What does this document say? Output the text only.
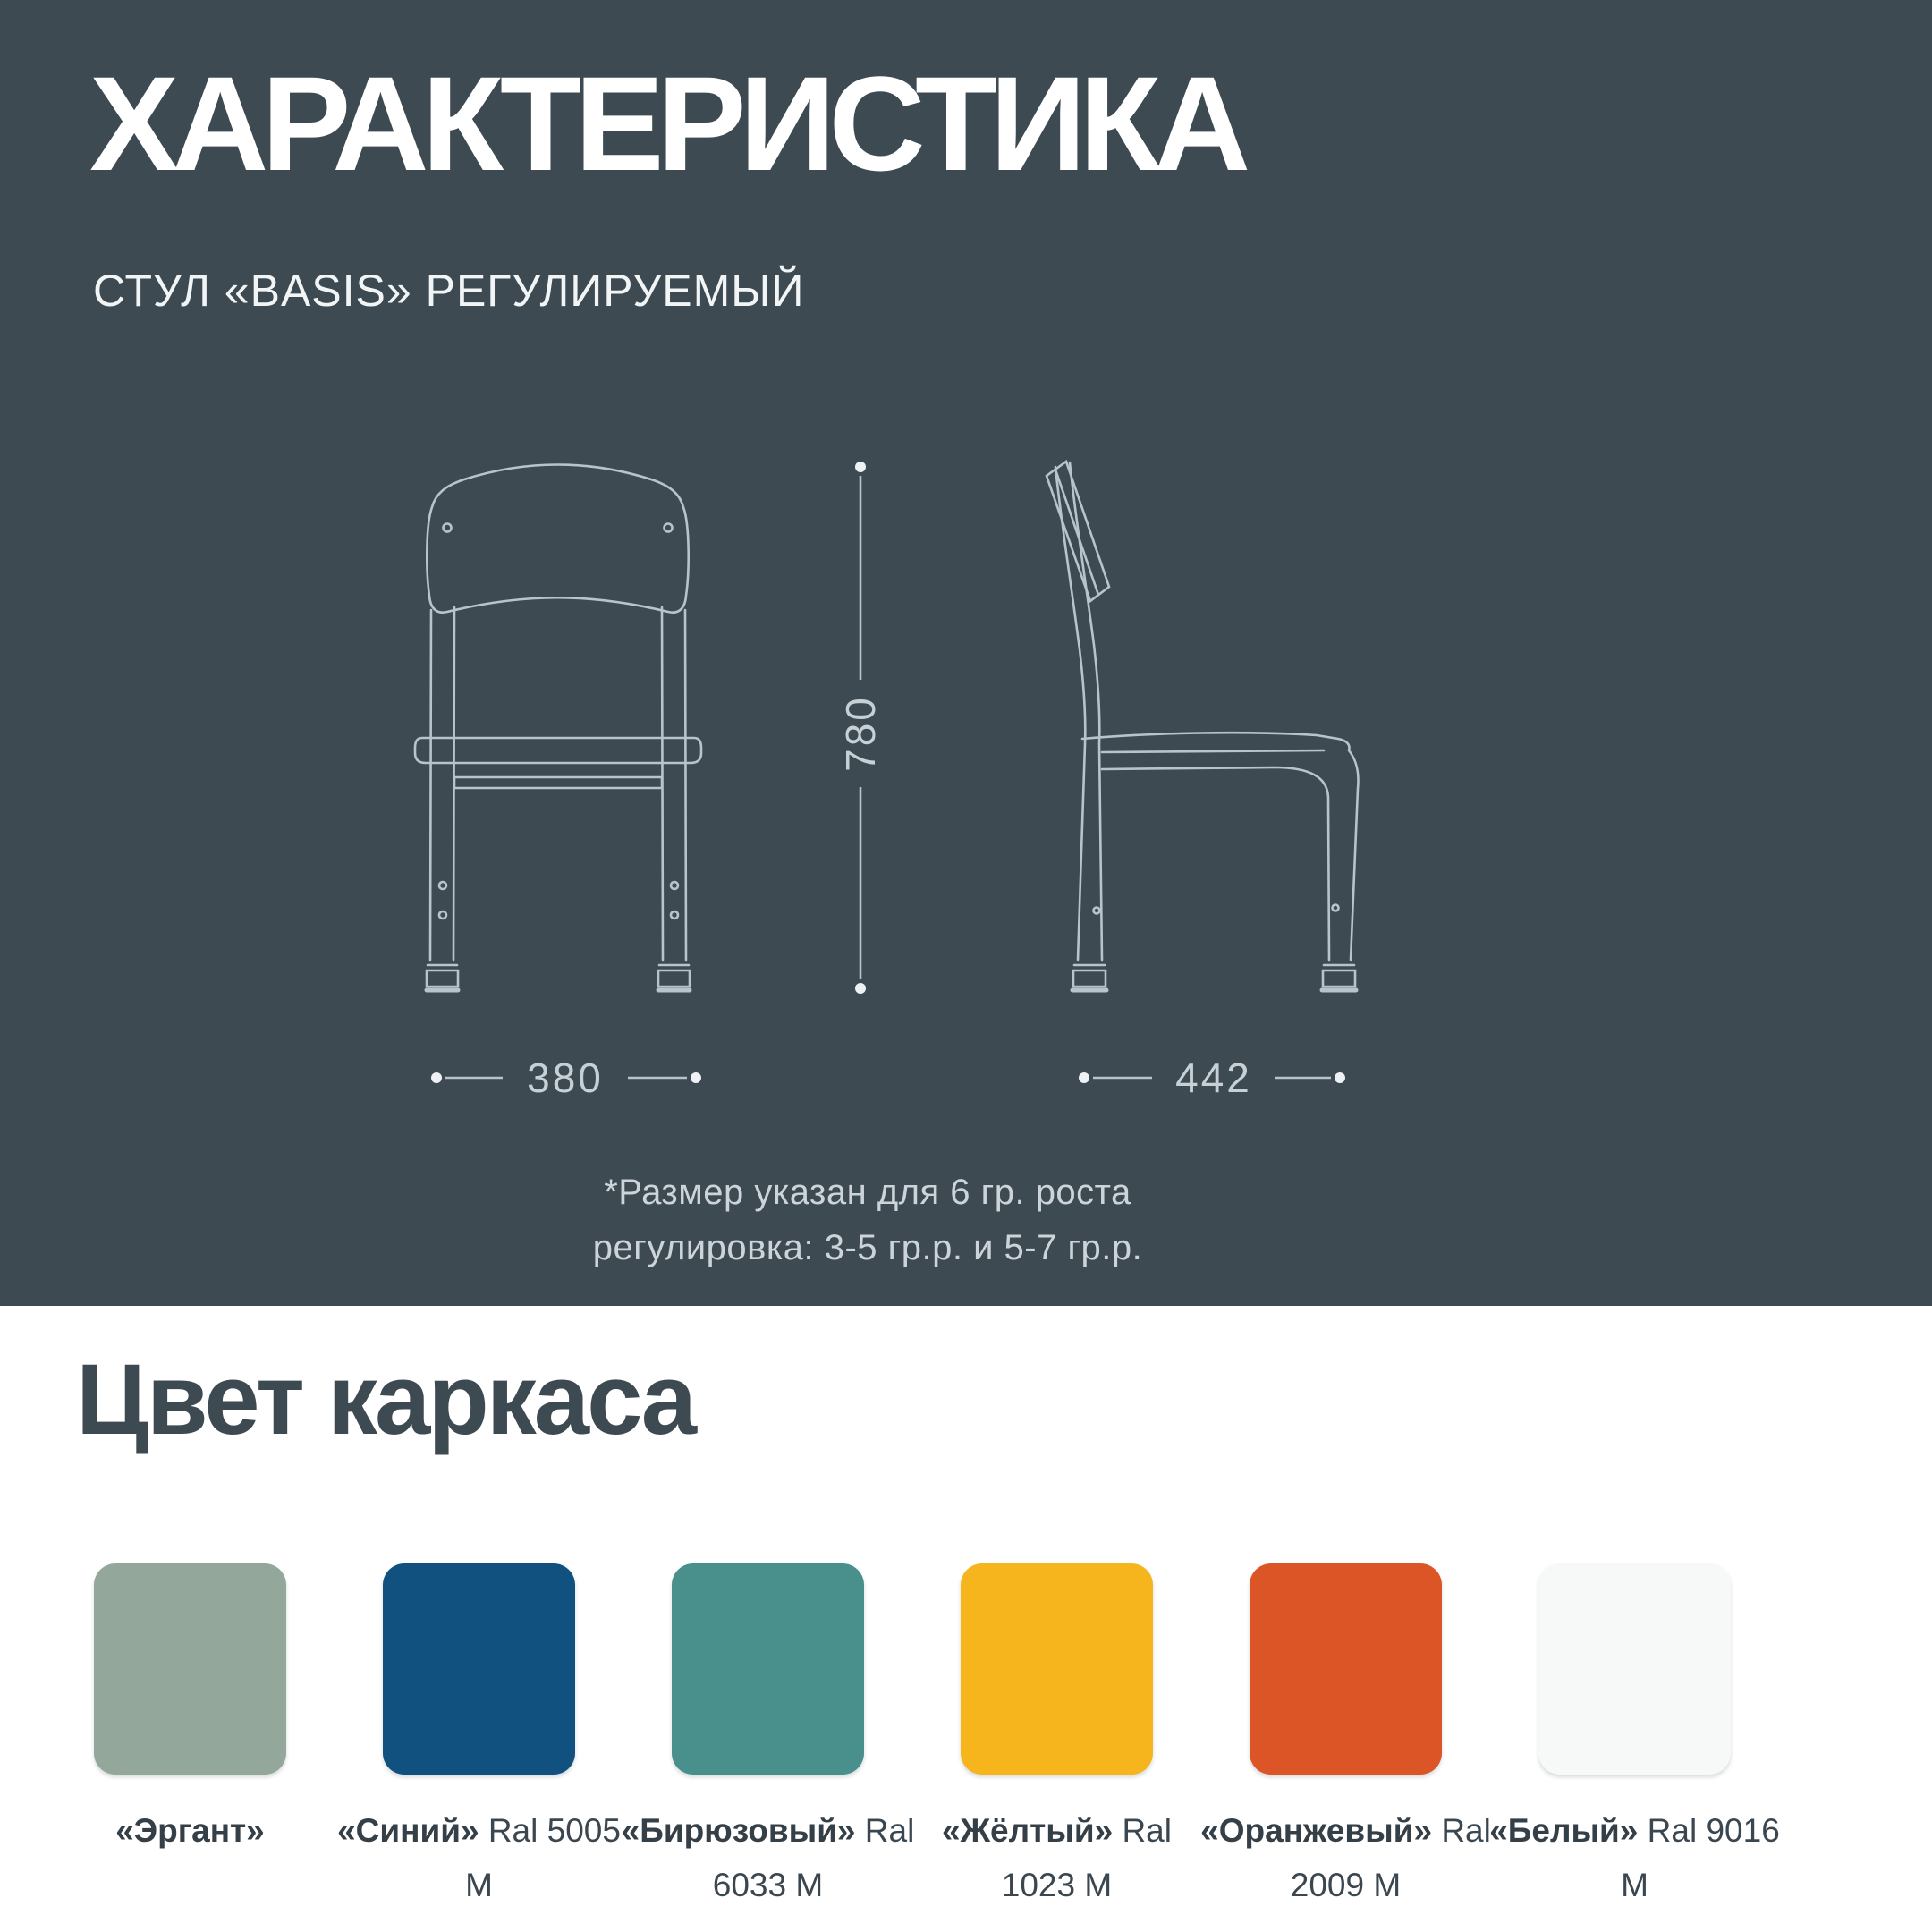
ХАРАКТЕРИСТИКА
СТУЛ «BASIS» РЕГУЛИРУЕМЫЙ
780
380	442
*Размер указан для 6 гр. роста
регулировка: 3-5 гр.р. и 5-7 гр.р.
Цвет каркаса
«Эргант»	«Синий» Ral 5005 M
«Бирюзовый» Ral 6033 M
«Жёлтый» Ral 1023 M
«Оранжевый» Ral 2009 M
«Белый» Ral 9016 M
